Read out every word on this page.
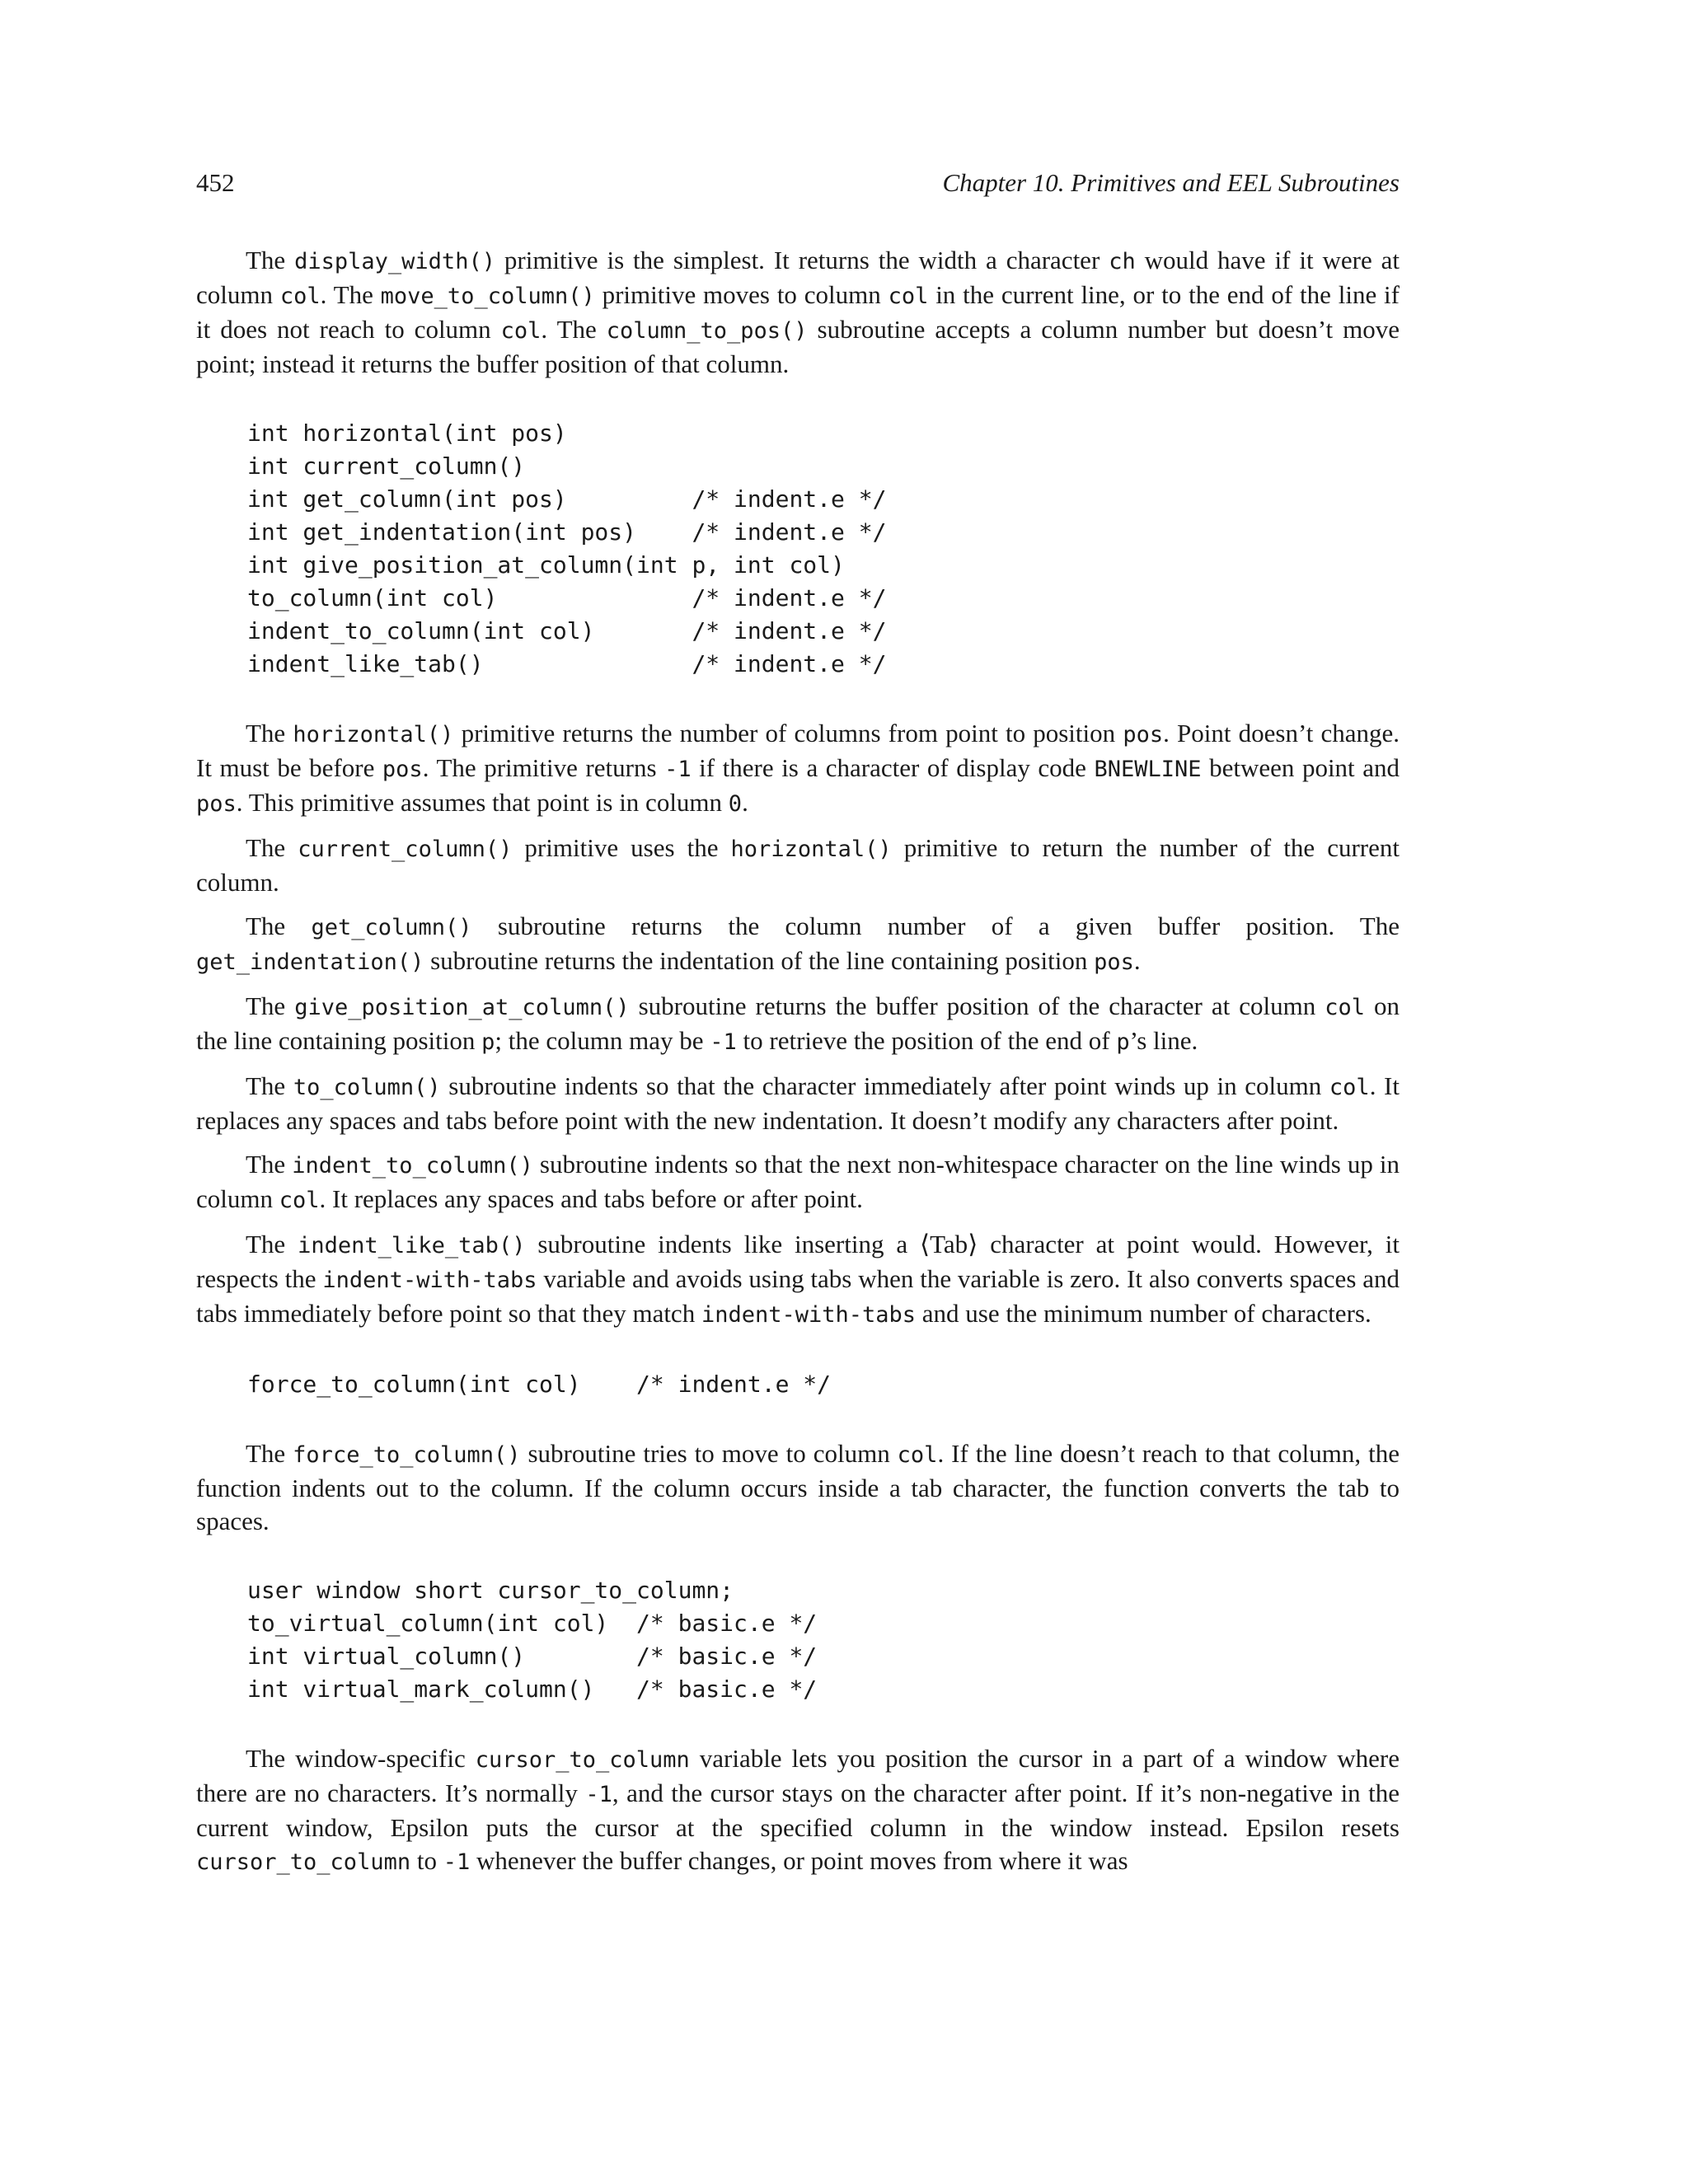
452	Chapter 10. Primitives and EEL Subroutines

The display_width() primitive is the simplest. It returns the width a character ch would have if it were at column col. The move_to_column() primitive moves to column col in the current line, or to the end of the line if it does not reach to column col. The column_to_pos() subroutine accepts a column number but doesn’t move point; instead it returns the buffer position of that column.

int horizontal(int pos)
int current_column()
int get_column(int pos)         /* indent.e */
int get_indentation(int pos)    /* indent.e */
int give_position_at_column(int p, int col)
to_column(int col)              /* indent.e */
indent_to_column(int col)       /* indent.e */
indent_like_tab()               /* indent.e */

The horizontal() primitive returns the number of columns from point to position pos. Point doesn’t change. It must be before pos. The primitive returns -1 if there is a character of display code BNEWLINE between point and pos. This primitive assumes that point is in column 0.

The current_column() primitive uses the horizontal() primitive to return the number of the current column.

The get_column() subroutine returns the column number of a given buffer position. The get_indentation() subroutine returns the indentation of the line containing position pos.

The give_position_at_column() subroutine returns the buffer position of the character at column col on the line containing position p; the column may be -1 to retrieve the position of the end of p’s line.

The to_column() subroutine indents so that the character immediately after point winds up in column col. It replaces any spaces and tabs before point with the new indentation. It doesn’t modify any characters after point.

The indent_to_column() subroutine indents so that the next non-whitespace character on the line winds up in column col. It replaces any spaces and tabs before or after point.

The indent_like_tab() subroutine indents like inserting a ⟨ Tab ⟩ character at point would. However, it respects the indent-with-tabs variable and avoids using tabs when the variable is zero. It also converts spaces and tabs immediately before point so that they match indent-with-tabs and use the minimum number of characters.

force_to_column(int col)    /* indent.e */

The force_to_column() subroutine tries to move to column col. If the line doesn’t reach to that column, the function indents out to the column. If the column occurs inside a tab character, the function converts the tab to spaces.

user window short cursor_to_column;
to_virtual_column(int col)  /* basic.e */
int virtual_column()        /* basic.e */
int virtual_mark_column()   /* basic.e */

The window-specific cursor_to_column variable lets you position the cursor in a part of a window where there are no characters. It’s normally -1, and the cursor stays on the character after point. If it’s non-negative in the current window, Epsilon puts the cursor at the specified column in the window instead. Epsilon resets cursor_to_column to -1 whenever the buffer changes, or point moves from where it was
